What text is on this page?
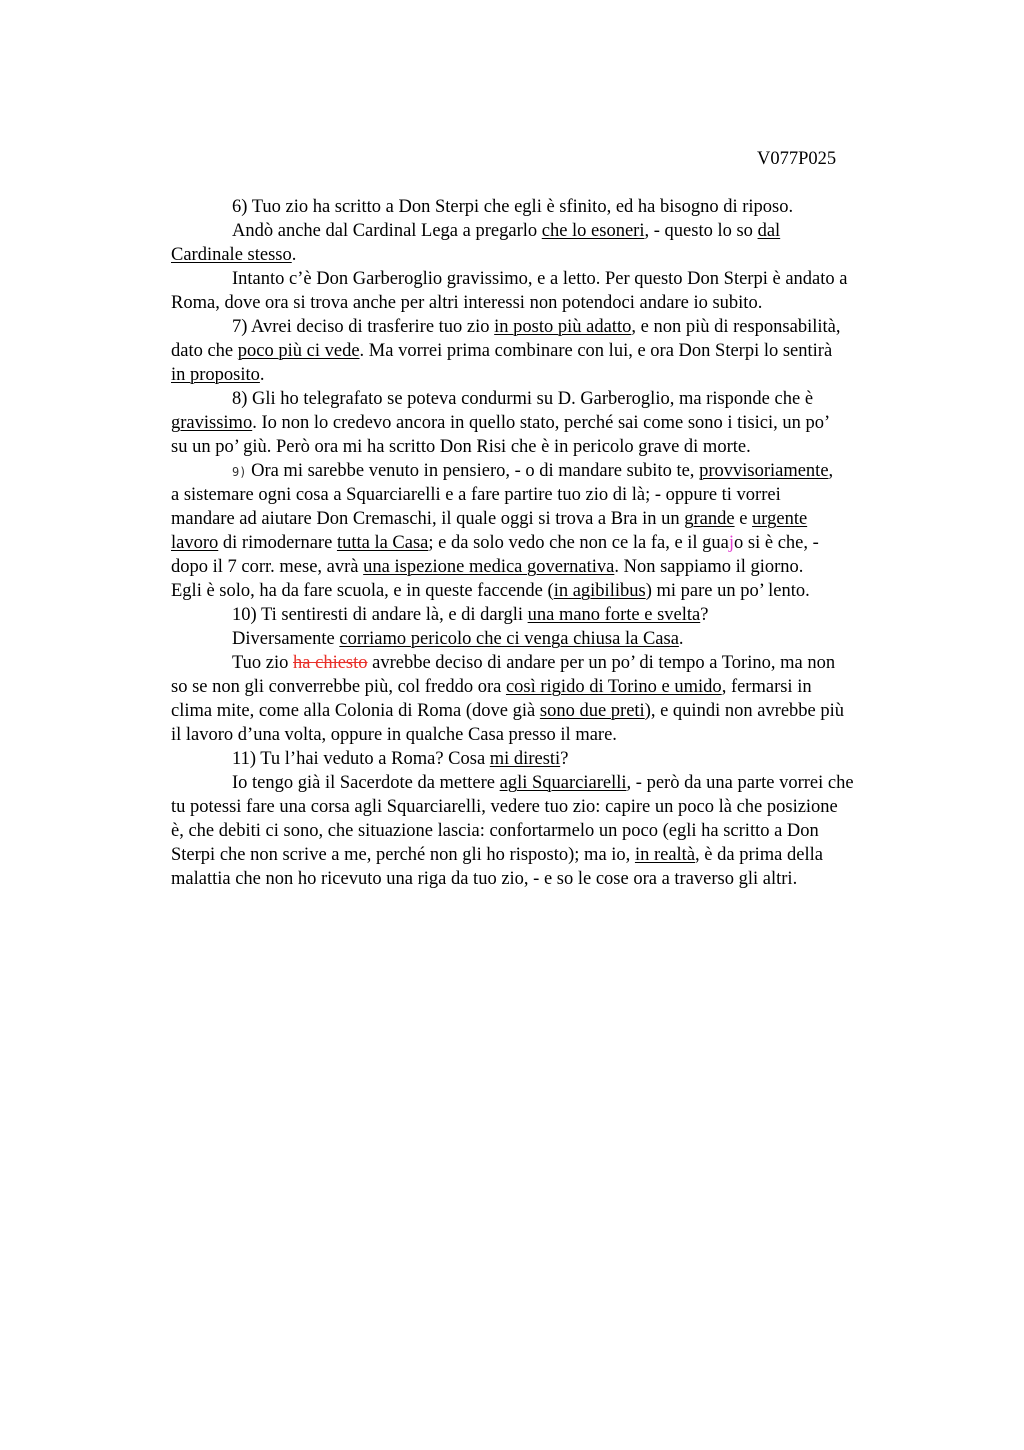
V077P025
6) Tuo zio ha scritto a Don Sterpi che egli è sfinito, ed ha bisogno di riposo.
Andò anche dal Cardinal Lega a pregarlo che lo esoneri, - questo lo so dal
Cardinale stesso.
Intanto c’è Don Garberoglio gravissimo, e a letto. Per questo Don Sterpi è andato a
Roma, dove ora si trova anche per altri interessi non potendoci andare io subito.
7) Avrei deciso di trasferire tuo zio in posto più adatto, e non più di responsabilità,
dato che poco più ci vede. Ma vorrei prima combinare con lui, e ora Don Sterpi lo sentirà
in proposito.
8) Gli ho telegrafato se poteva condurmi su D. Garberoglio, ma risponde che è
gravissimo. Io non lo credevo ancora in quello stato, perché sai come sono i tisici, un po’
su un po’ giù. Però ora mi ha scritto Don Risi che è in pericolo grave di morte.
9) Ora mi sarebbe venuto in pensiero, - o di mandare subito te, provvisoriamente,
a sistemare ogni cosa a Squarciarelli e a fare partire tuo zio di là; - oppure ti vorrei
mandare ad aiutare Don Cremaschi, il quale oggi si trova a Bra in un grande e urgente
lavoro di rimodernare tutta la Casa; e da solo vedo che non ce la fa, e il guajo si è che, -
dopo il 7 corr. mese, avrà una ispezione medica governativa. Non sappiamo il giorno.
Egli è solo, ha da fare scuola, e in queste faccende (in agibilibus) mi pare un po’ lento.
10) Ti sentiresti di andare là, e di dargli una mano forte e svelta?
Diversamente corriamo pericolo che ci venga chiusa la Casa.
Tuo zio ha chiesto avrebbe deciso di andare per un po’ di tempo a Torino, ma non
so se non gli converrebbe più, col freddo ora così rigido di Torino e umido, fermarsi in
clima mite, come alla Colonia di Roma (dove già sono due preti), e quindi non avrebbe più
il lavoro d’una volta, oppure in qualche Casa presso il mare.
11) Tu l’hai veduto a Roma? Cosa mi diresti?
Io tengo già il Sacerdote da mettere agli Squarciarelli, - però da una parte vorrei che
tu potessi fare una corsa agli Squarciarelli, vedere tuo zio: capire un poco là che posizione
è, che debiti ci sono, che situazione lascia: confortarmelo un poco (egli ha scritto a Don
Sterpi che non scrive a me, perché non gli ho risposto); ma io, in realtà, è da prima della
malattia che non ho ricevuto una riga da tuo zio, - e so le cose ora a traverso gli altri.
